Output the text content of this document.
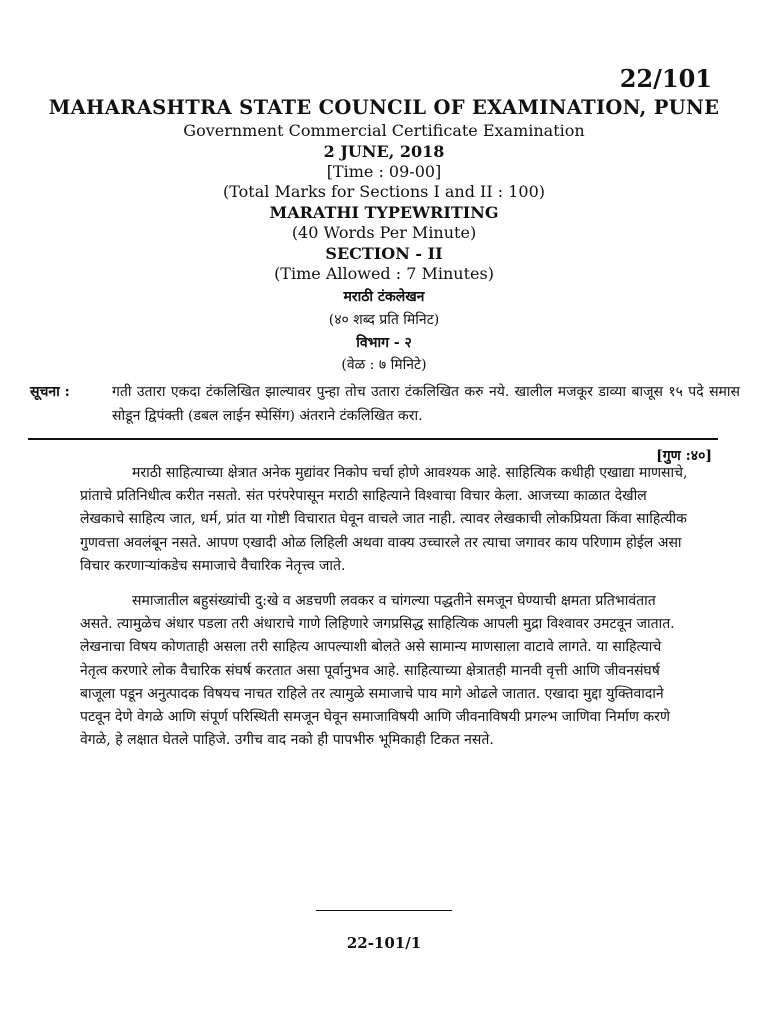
22/101
MAHARASHTRA STATE COUNCIL OF EXAMINATION, PUNE
Government Commercial Certificate Examination
2 JUNE, 2018
[Time : 09-00]
(Total Marks for Sections I and II : 100)
MARATHI TYPEWRITING
(40 Words Per Minute)
SECTION - II
(Time Allowed : 7 Minutes)
मराठी टंकलेखन
(४० शब्द प्रति मिनिट)
विभाग - २
(वेळ : ७ मिनिटे)
सूचना :	गती उतारा एकदा टंकलिखित झाल्यावर पुन्हा तोच उतारा टंकलिखित करु नये. खालील मजकूर डाव्या बाजूस १५ पदे समास सोडून द्विपंक्ती (डबल लाईन स्पेसिंग) अंतराने टंकलिखित करा.
[गुण :४०]

मराठी साहित्याच्या क्षेत्रात अनेक मुद्यांवर निकोप चर्चा होणे आवश्यक आहे. साहित्यिक कधीही एखाद्या माणसाचे, प्रांताचे प्रतिनिधीत्व करीत नसतो. संत परंपरेपासून मराठी साहित्याने विश्वाचा विचार केला. आजच्या काळात देखील लेखकाचे साहित्य जात, धर्म, प्रांत या गोष्टी विचारात घेवून वाचले जात नाही. त्यावर लेखकाची लोकप्रियता किंवा साहित्यीक गुणवत्ता अवलंबून नसते. आपण एखादी ओळ लिहिली अथवा वाक्य उच्चारले तर त्याचा जगावर काय परिणाम होईल असा विचार करणाऱ्यांकडेच समाजाचे वैचारिक नेतृत्त्व जाते.

समाजातील बहुसंख्यांची दु:खे व अडचणी लवकर व चांगल्या पद्धतीने समजून घेण्याची क्षमता प्रतिभावंतात असते. त्यामुळेच अंधार पडला तरी अंधाराचे गाणे लिहिणारे जगप्रसिद्ध साहित्यिक आपली मुद्रा विश्वावर उमटवून जातात. लेखनाचा विषय कोणताही असला तरी साहित्य आपल्याशी बोलते असे सामान्य माणसाला वाटावे लागते. या साहित्याचे नेतृत्व करणारे लोक वैचारिक संघर्ष करतात असा पूर्वानुभव आहे. साहित्याच्या क्षेत्रातही मानवी वृत्ती आणि जीवनसंघर्ष बाजूला पडून अनुत्पादक विषयच नाचत राहिले तर त्यामुळे समाजाचे पाय मागे ओढले जातात. एखादा मुद्दा युक्तिवादाने पटवून देणे वेगळे आणि संपूर्ण परिस्थिती समजून घेवून समाजाविषयी आणि जीवनाविषयी प्रगल्भ जाणिवा निर्माण करणे वेगळे, हे लक्षात घेतले पाहिजे. उगीच वाद नको ही पापभीरु भूमिकाही टिकत नसते.

22-101/1
